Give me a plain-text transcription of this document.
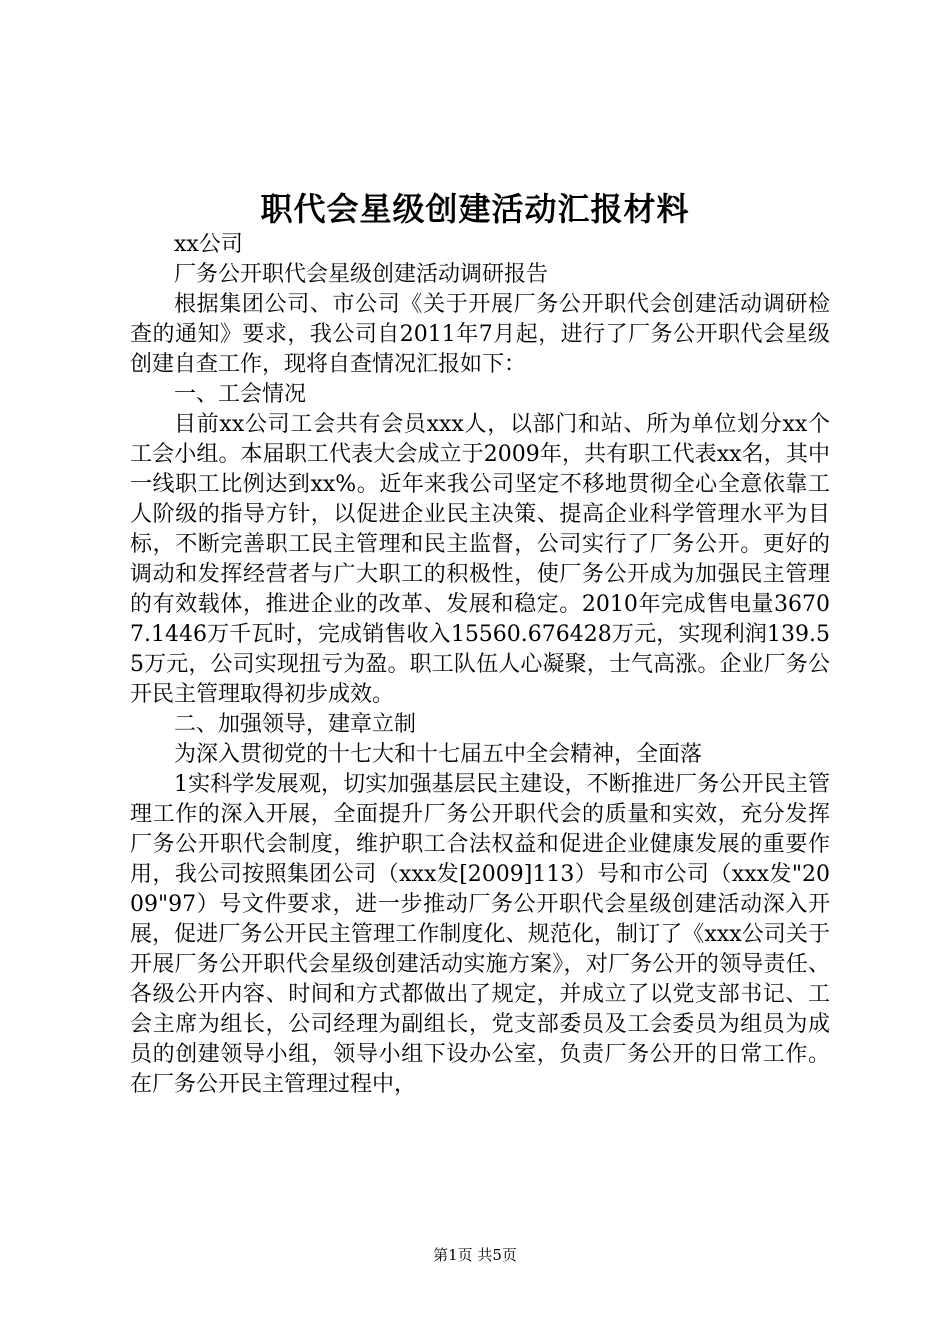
职代会星级创建活动汇报材料

xx公司

厂务公开职代会星级创建活动调研报告

根据集团公司、市公司《关于开展厂务公开职代会创建活动调研检查的通知》要求，我公司自2011年7月起，进行了厂务公开职代会星级创建自查工作，现将自查情况汇报如下：

一、工会情况

目前xx公司工会共有会员xxx人，以部门和站、所为单位划分xx个工会小组。本届职工代表大会成立于2009年，共有职工代表xx名，其中一线职工比例达到xx%。近年来我公司坚定不移地贯彻全心全意依靠工人阶级的指导方针，以促进企业民主决策、提高企业科学管理水平为目标，不断完善职工民主管理和民主监督，公司实行了厂务公开。更好的调动和发挥经营者与广大职工的积极性，使厂务公开成为加强民主管理的有效载体，推进企业的改革、发展和稳定。2010年完成售电量36707.1446万千瓦时，完成销售收入15560.676428万元，实现利润139.55万元，公司实现扭亏为盈。职工队伍人心凝聚，士气高涨。企业厂务公开民主管理取得初步成效。

二、加强领导，建章立制

为深入贯彻党的十七大和十七届五中全会精神，全面落

1实科学发展观，切实加强基层民主建设，不断推进厂务公开民主管理工作的深入开展，全面提升厂务公开职代会的质量和实效，充分发挥厂务公开职代会制度，维护职工合法权益和促进企业健康发展的重要作用，我公司按照集团公司（xxx发[2009]113）号和市公司（xxx发"2009"97）号文件要求，进一步推动厂务公开职代会星级创建活动深入开展，促进厂务公开民主管理工作制度化、规范化，制订了《xxx公司关于开展厂务公开职代会星级创建活动实施方案》，对厂务公开的领导责任、各级公开内容、时间和方式都做出了规定，并成立了以党支部书记、工会主席为组长，公司经理为副组长，党支部委员及工会委员为组员为成员的创建领导小组，领导小组下设办公室，负责厂务公开的日常工作。在厂务公开民主管理过程中，

第1页 共5页
